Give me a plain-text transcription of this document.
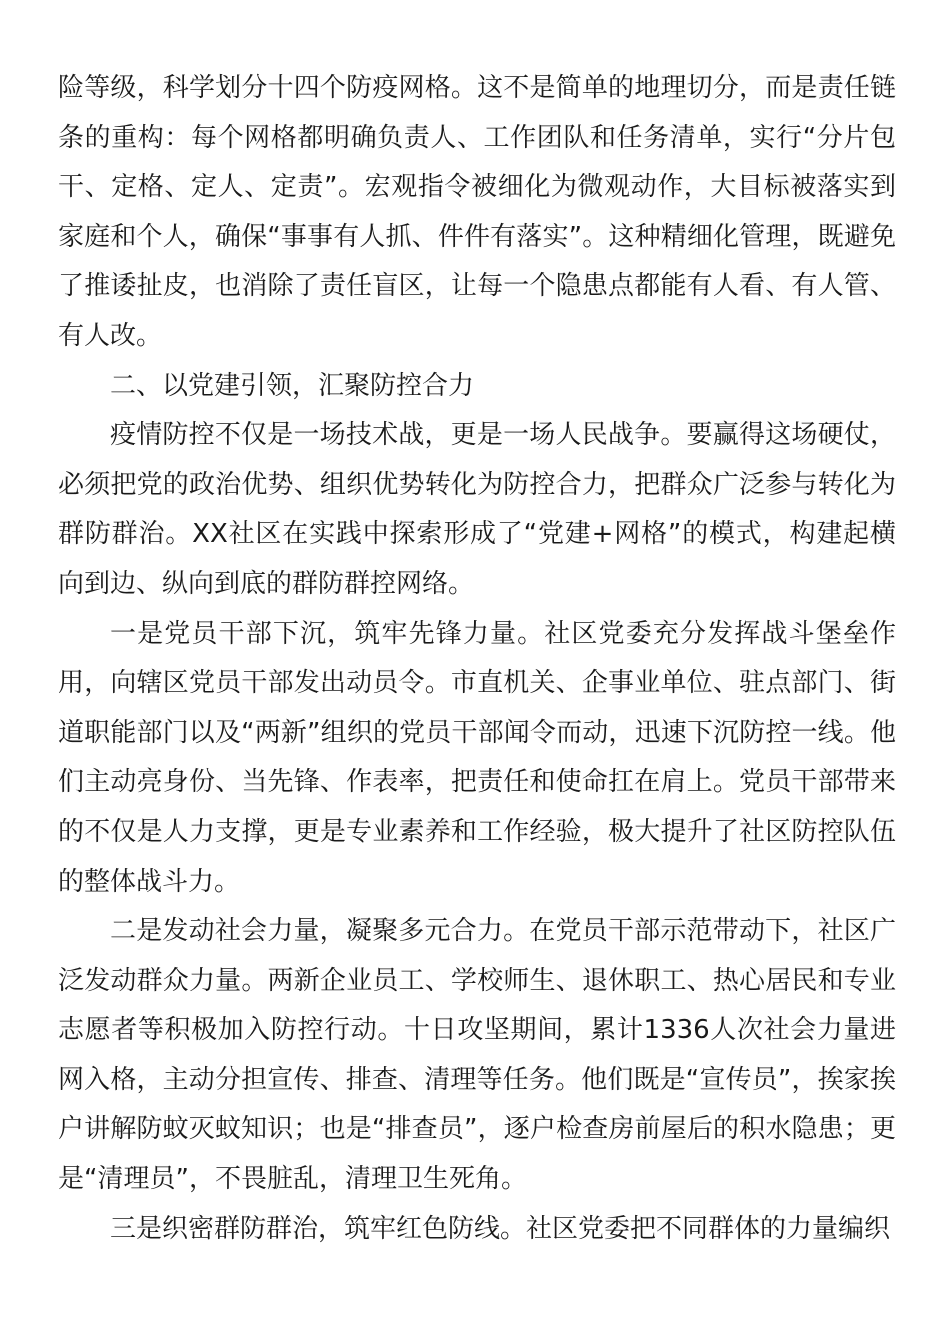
险等级，科学划分十四个防疫网格。这不是简单的地理切分，而是责任链条的重构：每个网格都明确负责人、工作团队和任务清单，实行“分片包干、定格、定人、定责”。宏观指令被细化为微观动作，大目标被落实到家庭和个人，确保“事事有人抓、件件有落实”。这种精细化管理，既避免了推诿扯皮，也消除了责任盲区，让每一个隐患点都能有人看、有人管、有人改。

二、以党建引领，汇聚防控合力

疫情防控不仅是一场技术战，更是一场人民战争。要赢得这场硬仗，必须把党的政治优势、组织优势转化为防控合力，把群众广泛参与转化为群防群治。XX社区在实践中探索形成了“党建+网格”的模式，构建起横向到边、纵向到底的群防群控网络。

一是党员干部下沉，筑牢先锋力量。社区党委充分发挥战斗堡垒作用，向辖区党员干部发出动员令。市直机关、企事业单位、驻点部门、街道职能部门以及“两新”组织的党员干部闻令而动，迅速下沉防控一线。他们主动亮身份、当先锋、作表率，把责任和使命扛在肩上。党员干部带来的不仅是人力支撑，更是专业素养和工作经验，极大提升了社区防控队伍的整体战斗力。

二是发动社会力量，凝聚多元合力。在党员干部示范带动下，社区广泛发动群众力量。两新企业员工、学校师生、退休职工、热心居民和专业志愿者等积极加入防控行动。十日攻坚期间，累计1336人次社会力量进网入格，主动分担宣传、排查、清理等任务。他们既是“宣传员”，挨家挨户讲解防蚊灭蚊知识；也是“排查员”，逐户检查房前屋后的积水隐患；更是“清理员”，不畏脏乱，清理卫生死角。

三是织密群防群治，筑牢红色防线。社区党委把不同群体的力量编织
